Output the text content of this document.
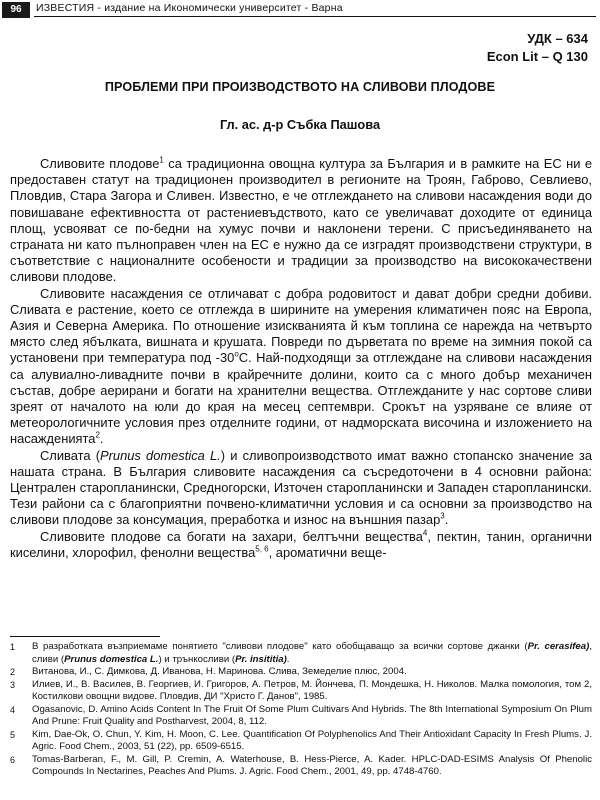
96	ИЗВЕСТИЯ - издание на Икономически университет - Варна
УДК – 634
Econ Lit – Q 130
ПРОБЛЕМИ ПРИ ПРОИЗВОДСТВОТО НА СЛИВОВИ ПЛОДОВЕ
Гл. ас. д-р Събка Пашова

Сливовите плодове$^1$ са традиционна овощна култура за България и в рамките на ЕС ни е предоставен статут на традиционен производител в регионите на Троян, Габрово, Севлиево, Пловдив, Стара Загора и Сливен. Известно, е че отглеждането на сливови насаждения води до повишаване ефективността от растениевъдството, като се увеличават доходите от единица площ, усвояват се по-бедни на хумус почви и наклонени терени. С присъединяването на страната ни като пълноправен член на ЕС е нужно да се изградят производствени структури, в съответствие с националните особености и традиции за производство на висококачествени сливови плодове.

Сливовите насаждения се отличават с добра родовитост и дават добри средни добиви. Сливата е растение, което се отглежда в ширините на умерения климатичен пояс на Европа, Азия и Северна Америка. По отношение изискванията й към топлина се нарежда на четвърто място след ябълката, вишната и крушата. Повреди по дърветата по време на зимния покой са установени при температура под $-30^оС$. Най-подходящи за отглеждане на сливови насаждения са алувиално-ливадните почви в крайречните долини, които са с много добър механичен състав, добре аерирани и богати на хранителни вещества. Отглежданите у нас сортове сливи зреят от началото на юли до края на месец септември. Срокът на узряване се влияе от метеорологичните условия през отделните години, от надморската височина и изложението на насажденията$^2$.

Сливата (Prunus domestica L.) и сливопроизводството имат важно стопанско значение за нашата страна. В България сливовите насаждения са съсредоточени в 4 основни района: Централен старопланински, Средногорски, Източен старопланински и Западен старопланински. Тези райони са с благоприятни почвено-климатични условия и са основни за производство на сливови плодове за консумация, преработка и износ на външния пазар$^3$.

Сливовите плодове са богати на захари, белтъчни вещества$^4$, пектин, танин, органични киселини, хлорофил, фенолни вещества$^{5, 6}$, ароматични веще-

1 В разработката възприемаме понятието "сливови плодове" като обобщаващо за всички сортове джанки (Pr. cerasifea), сливи (Prunus domestica L.) и трънкосливи (Pr. insititia).
2 Витанова, И., С. Димкова, Д. Иванова, Н. Маринова. Слива, Земеделие плюс, 2004.
3 Илиев, И., В. Василев, В. Георгиев, И. Григоров, А. Петров, М. Йончева, П. Мондешка, Н. Николов. Малка помология, том 2, Костилкови овощни видове. Пловдив, ДИ "Христо Г. Данов", 1985.
4 Ogasanovic, D. Amino Acids Content In The Fruit Of Some Plum Cultivars And Hybrids. The 8th International Symposium On Plum And Prune: Fruit Quality and Postharvest, 2004, 8, 112.
5 Kim, Dae-Ok, O. Chun, Y. Kim, H. Moon, C. Lee. Quantification Of Polyphenolics And Their Antioxidant Capacity In Fresh Plums. J. Agric. Food Chem., 2003, 51 (22), pp. 6509-6515.
6 Tomas-Barberan, F., M. Gill, P. Cremin, A. Waterhouse, B. Hess-Pierce, A. Kader. HPLC-DAD-ESIMS Analysis Of Phenolic Compounds In Nectarines, Peaches And Plums. J. Agric. Food Chem., 2001, 49, pp. 4748-4760.
